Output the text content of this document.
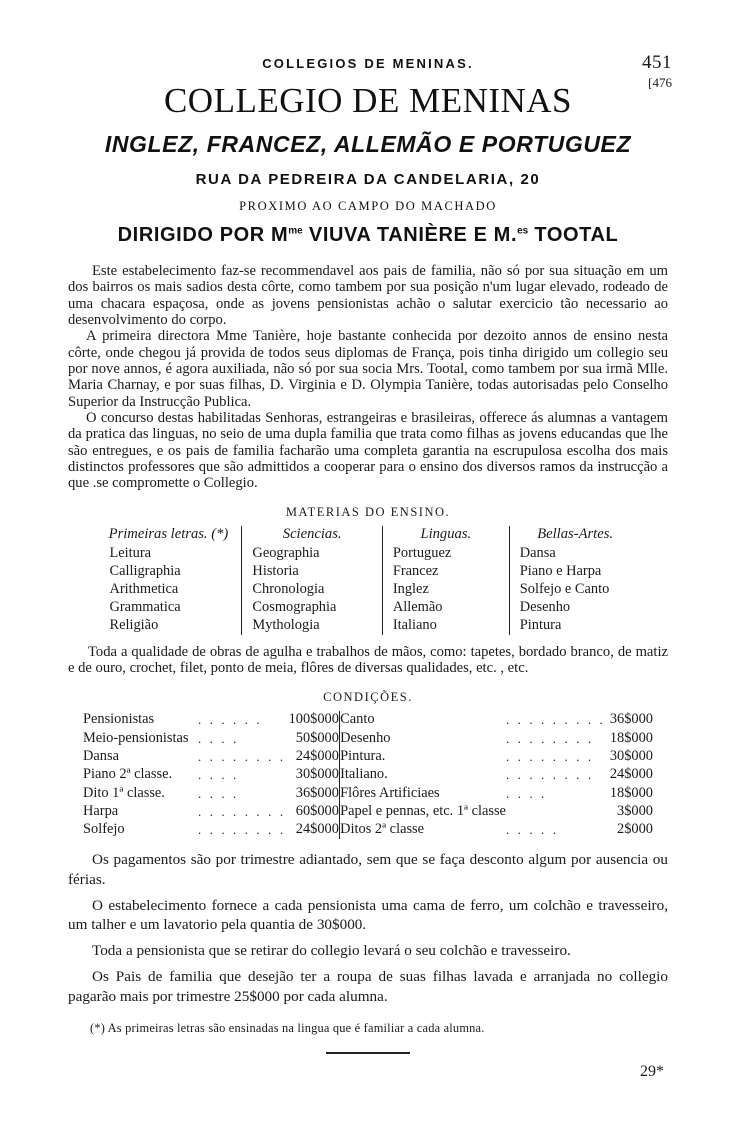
451
[476
COLLEGIOS DE MENINAS.
COLLEGIO DE MENINAS
INGLEZ, FRANCEZ, ALLEMÃO E PORTUGUEZ
RUA DA PEDREIRA DA CANDELARIA, 20
PROXIMO AO CAMPO DO MACHADO
DIRIGIDO POR $M^{me}$ VIUVA TANIÈRE E M.$^{es}$ TOOTAL

Este estabelecimento faz-se recommendavel aos pais de familia, não só por sua situação em um dos bairros os mais sadios desta côrte, como tambem por sua posição n'um lugar elevado, rodeado de uma chacara espaçosa, onde as jovens pensionistas achão o salutar exercicio tão necessario ao desenvolvimento do corpo.

A primeira directora Mme Tanière, hoje bastante conhecida por dezoito annos de ensino nesta côrte, onde chegou já provida de todos seus diplomas de França, pois tinha dirigido um collegio seu por nove annos, é agora auxiliada, não só por sua socia Mrs. Tootal, como tambem por sua irmã Mlle. Maria Charnay, e por suas filhas, D. Virginia e D. Olympia Tanière, todas autorisadas pelo Conselho Superior da Instrucção Publica.

O concurso destas habilitadas Senhoras, estrangeiras e brasileiras, offerece ás alumnas a vantagem da pratica das linguas, no seio de uma dupla familia que trata como filhas as jovens educandas que lhe são entregues, e os pais de familia facharão uma completa garantia na escrupulosa escolha dos mais distinctos professores que são admittidos a cooperar para o ensino dos diversos ramos da instrucção a que .se compromette o Collegio.

MATERIAS DO ENSINO.
Primeiras letras. (*)	Sciencias.	Linguas.	Bellas-Artes.
Leitura	Geographia	Portuguez	Dansa
Calligraphia	Historia	Francez	Piano e Harpa
Arithmetica	Chronologia	Inglez	Solfejo e Canto
Grammatica	Cosmographia	Allemão	Desenho
Religião	Mythologia	Italiano	Pintura

Toda a qualidade de obras de agulha e trabalhos de mãos, como: tapetes, bordado branco, de matiz e de ouro, crochet, filet, ponto de meia, flôres de diversas qualidades, etc. , etc.

CONDIÇÕES.
Pensionistas	. . . . . .	100$000		Canto	. . . . . . . . .	36$000
Meio-pensionistas	. . . .	50$000		Desenho	. . . . . . . .	18$000
Dansa	. . . . . . . .	24$000		Pintura.	. . . . . . . .	30$000
Piano 2ª classe.	. . . .	30$000		Italiano.	. . . . . . . .	24$000
Dito 1ª classe.	. . . .	36$000		Flôres Artificiaes	. . . .	18$000
Harpa	. . . . . . . .	60$000		Papel e pennas, etc. 1ª classe		3$000
Solfejo	. . . . . . . .	24$000		Ditos 2ª classe	. . . . .	2$000

Os pagamentos são por trimestre adiantado, sem que se faça desconto algum por ausencia ou férias.

O estabelecimento fornece a cada pensionista uma cama de ferro, um colchão e travesseiro, um talher e um lavatorio pela quantia de 30$000.

Toda a pensionista que se retirar do collegio levará o seu colchão e travesseiro.

Os Pais de familia que desejão ter a roupa de suas filhas lavada e arranjada no collegio pagarão mais por trimestre 25$000 por cada alumna.

(*) As primeiras letras são ensinadas na lingua que é familiar a cada alumna.
29*
